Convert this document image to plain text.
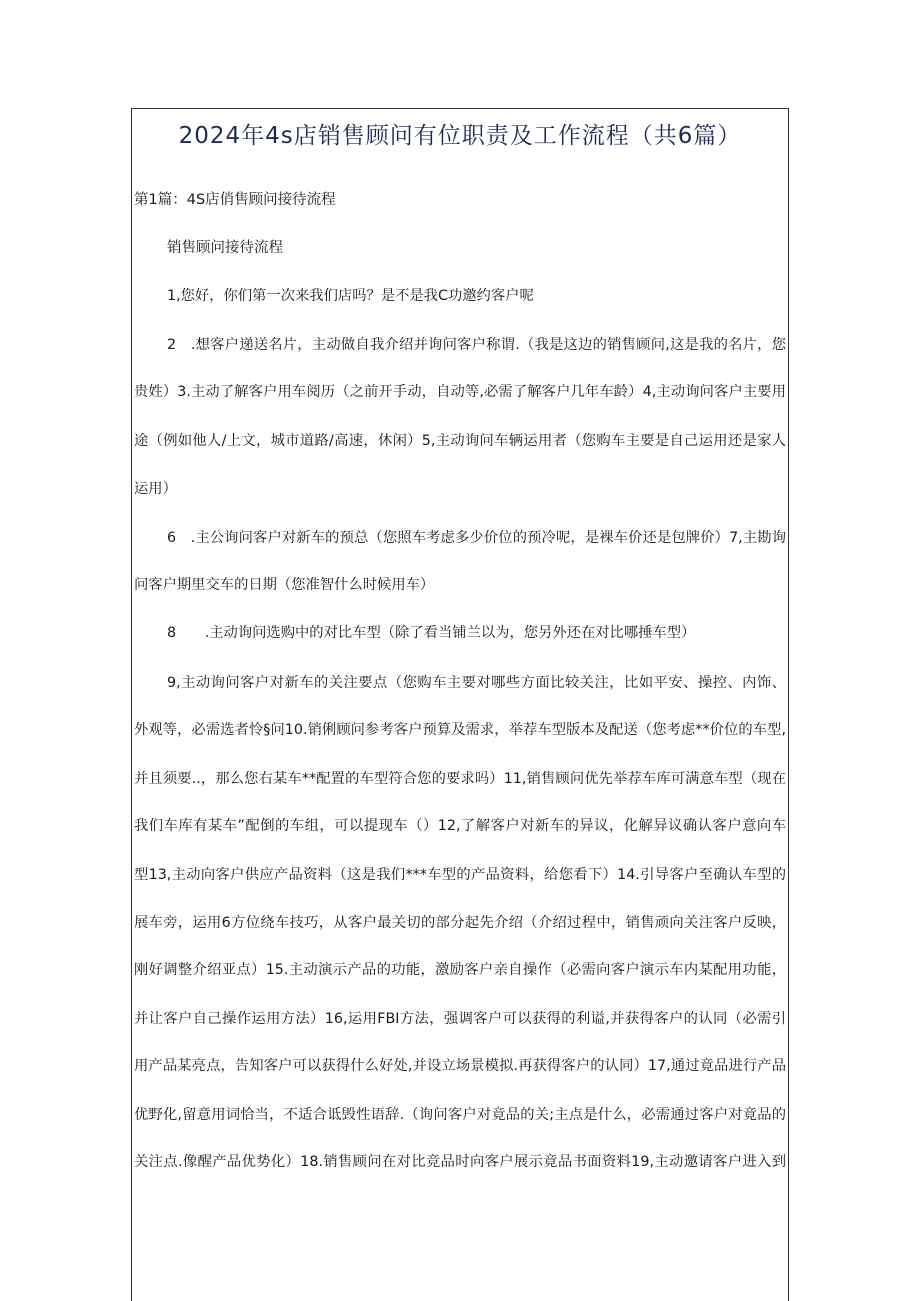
2024年4s店销售顾问有位职责及工作流程（共6篇）
第1篇：4S店俏售顾问接待流程
销售顾问接待流程
1,您好，你们第一次来我们店吗？是不是我C功邀约客户呢
2　.想客户递送名片，主动做自我介绍并询问客户称谓.（我是这边的销售顾问,这是我的名片，您
贵姓）3.主动了解客户用车阅历（之前开手动，自动等,必需了解客户几年车龄）4,主动询问客户主要用
途（例如他人/上文，城市道路/高速，休闲）5,主动询问车辆运用者（您购车主要是自己运用还是家人
运用）
6　.主公询问客户对新车的预总（您照车考虑多少价位的预冷呢，是裸车价还是包牌价）7,主勘询
问客户期里交车的日期（您准智什么时候用车）
8　　.主动询问选购中的对比车型（除了看当铺兰以为，您另外还在对比哪捶车型）
9,主动询问客户对新车的关注要点（您购车主要对哪些方面比较关注，比如平安、操控、内饰、
外观等，必需选者怜§问10.销俐顾问参考客户预算及需求，举荐车型版本及配送（您考虑**价位的车型,
并且须要..，那么您右某车**配置的车型符合您的要求吗）11,销售顾问优先举荐车库可满意车型（现在
我们车库有某车”配倒的车组，可以提现车（）12,了解客户对新车的异议，化解异议确认客户意向车
型13,主动向客户供应产品资料（这是我们***车型的产品资料，给您看下）14.引导客户至确认车型的
展车旁，运用6方位绕车技巧，从客户最关切的部分起先介绍（介绍过程中，销售顽向关注客户反映，
刚好调整介绍亚点）15.主动演示产品的功能，激励客户亲自操作（必需向客户演示车内某配用功能，
并让客户自己操作运用方法）16,运用FBI方法，强调客户可以获得的利谥,并获得客户的认同（必需引
用产品某亮点，告知客户可以获得什么好处,并设立场景模拟.再获得客户的认同）17,通过竟品进行产品
优野化,留意用词恰当，不适合诋毁性语辞.（询问客户对竟品的关;主点是什么，必需通过客户对竟品的
关注点.像醒产品优势化）18.销售顾问在对比竞品时向客户展示竟品书面资料19,主动邀请客户进入到
